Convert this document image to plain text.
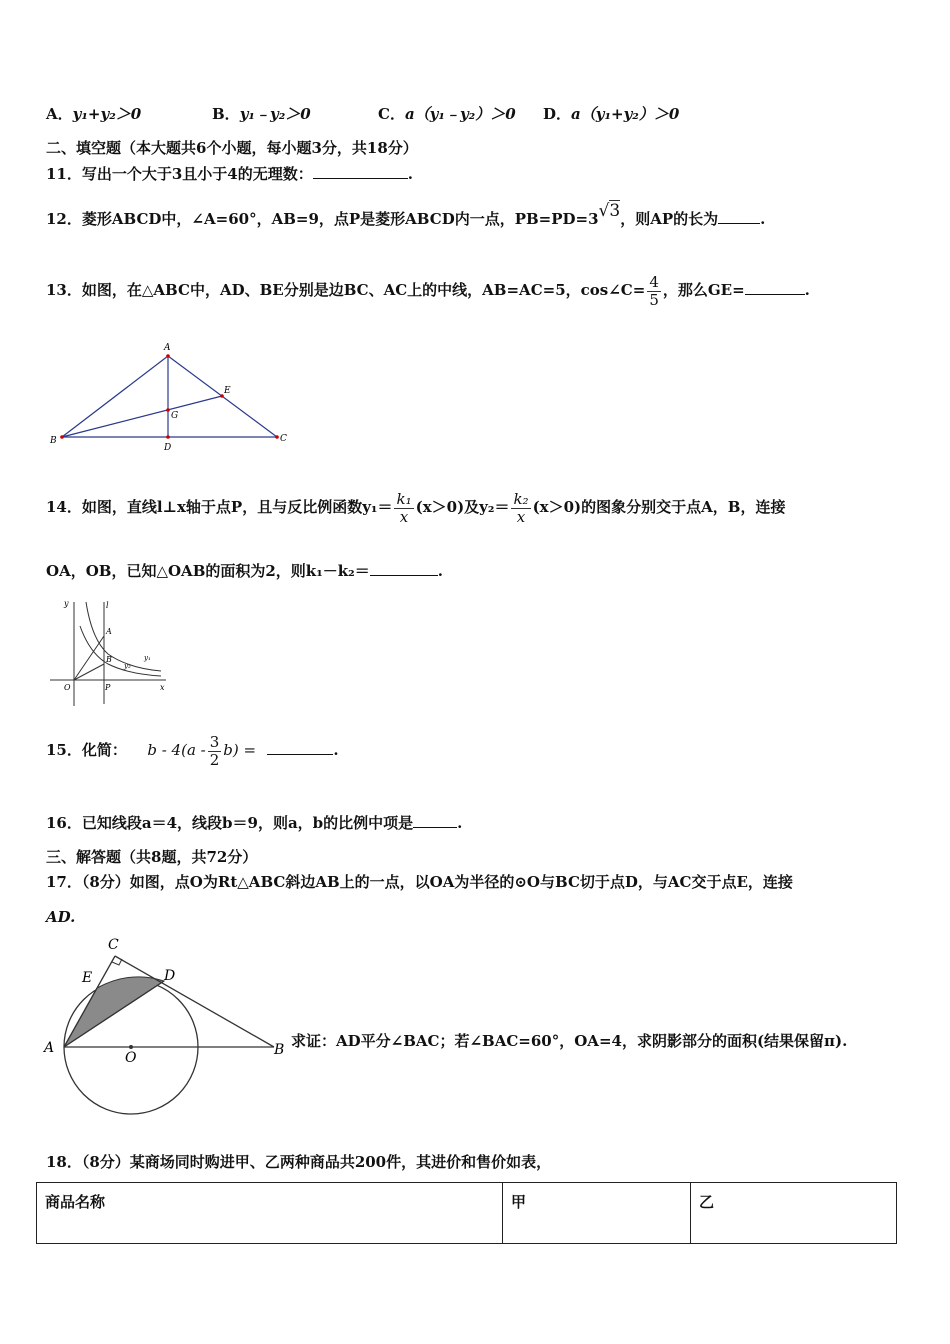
A．y₁+y₂＞0	B．y₁﹣y₂＞0	C．a（y₁﹣y₂）＞0 D．a（y₁+y₂）＞0
二、填空题（本大题共6个小题，每小题3分，共18分）
11．写出一个大于3且小于4的无理数：	.
12．菱形ABCD中，∠A=60°，AB=9，点P是菱形ABCD内一点，PB=PD=3√3，则AP的长为	.
13．如图，在△ABC中，AD、BE分别是边BC、AC上的中线，AB=AC=5，cos∠C= $\frac{4}{5}$ ，那么GE=	.
A
B	C
D
E
G
14．如图，直线l⊥x轴于点P，且与反比例函数$y_1= \frac{\text{k₁}}{x} (x>0)$及$y_2= \frac{\text{k₂}}{x} (x>0)$的图象分别交于点A，B，连接
OA，OB，已知△OAB的面积为2，则k₁－k₂＝	.
y
x
O	P
A
B
l
y₁
y₂
15．化简： b - $4(a - \frac{3}{2} b)$ =	.
16．已知线段a＝4，线段b＝9，则a，b的比例中项是	.
三、解答题（共8题，共72分）
17．（8分）如图，点O为Rt△ABC斜边AB上的一点，以OA为半径的⊙O与BC切于点D，与AC交于点E，连接
AD.
C
E	D
A
O	B 求证：AD平分∠BAC；若∠BAC=60°，OA=4，求阴影部分的面积(结果保留π).
18．（8分）某商场同时购进甲、乙两种商品共200件，其进价和售价如表，
商品名称	甲	乙
